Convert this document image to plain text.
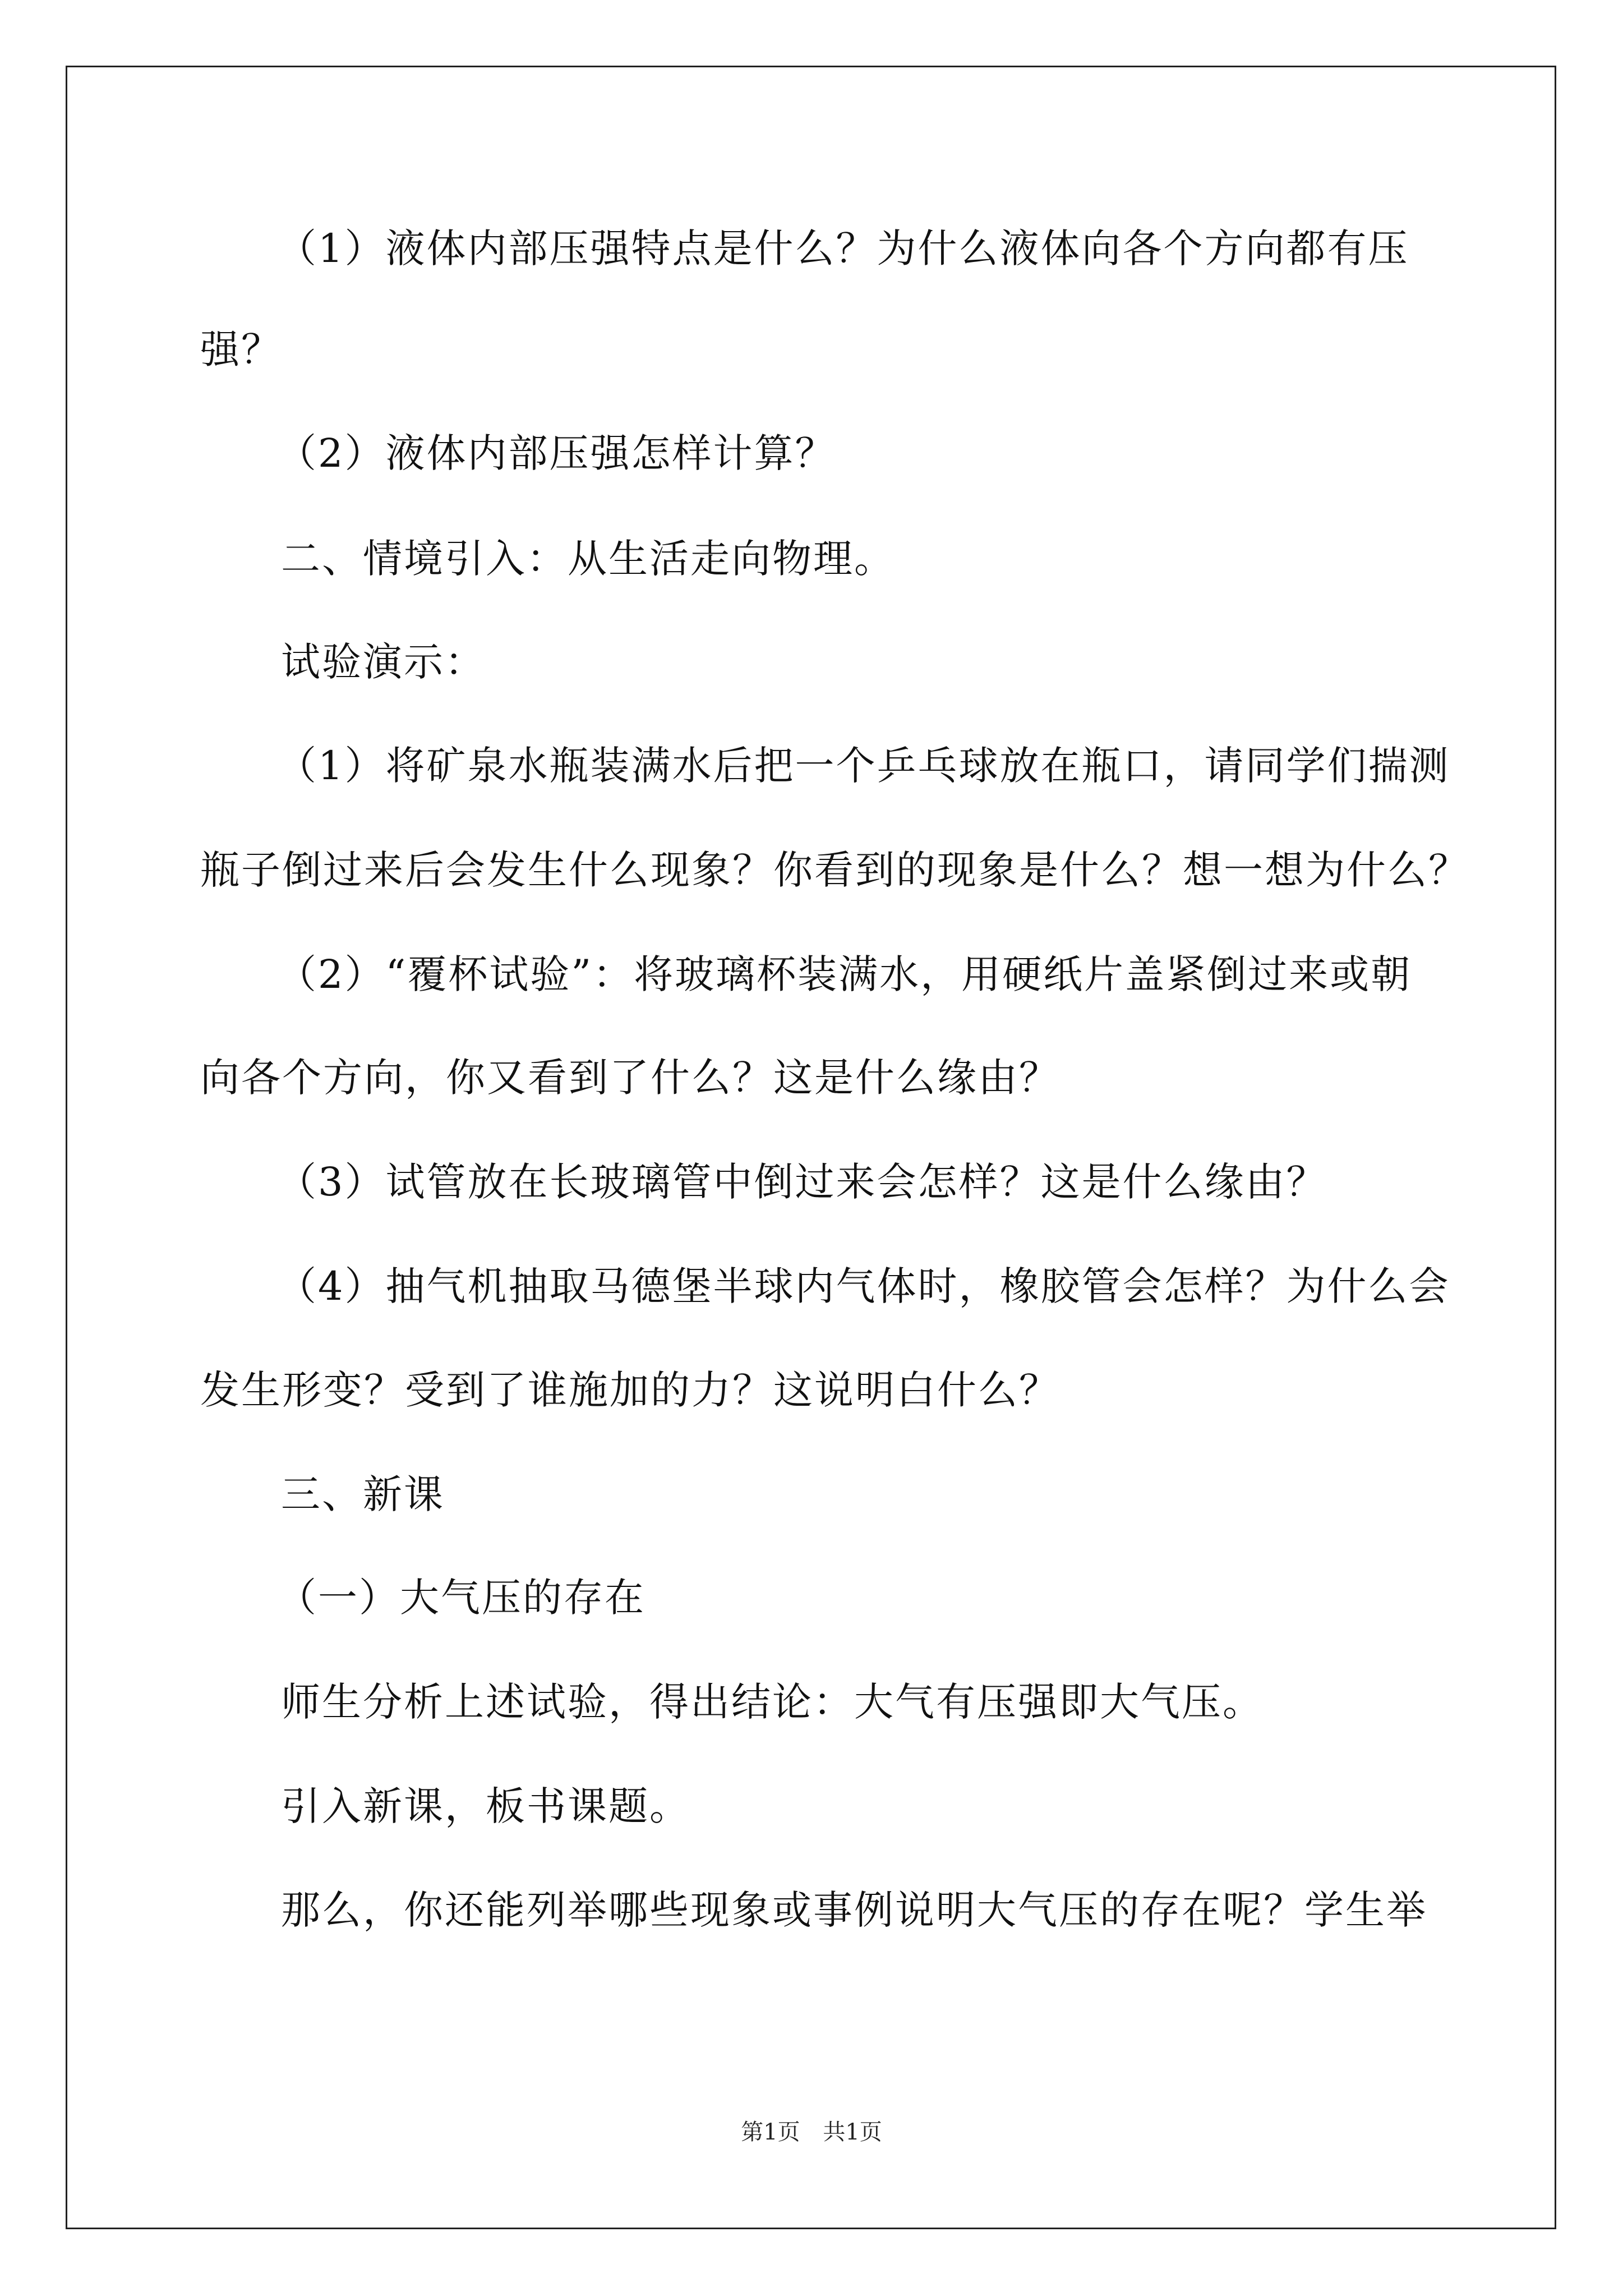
（1）液体内部压强特点是什么？为什么液体向各个方向都有压
强？
（2）液体内部压强怎样计算？
二、情境引入：从生活走向物理。
试验演示：
（1）将矿泉水瓶装满水后把一个乒乓球放在瓶口，请同学们揣测
瓶子倒过来后会发生什么现象？你看到的现象是什么？想一想为什么？
（2）“覆杯试验”：将玻璃杯装满水，用硬纸片盖紧倒过来或朝
向各个方向，你又看到了什么？这是什么缘由？
（3）试管放在长玻璃管中倒过来会怎样？这是什么缘由？
（4）抽气机抽取马德堡半球内气体时，橡胶管会怎样？为什么会
发生形变？受到了谁施加的力？这说明白什么？
三、新课
（一）大气压的存在
师生分析上述试验，得出结论：大气有压强即大气压。
引入新课，板书课题。
那么，你还能列举哪些现象或事例说明大气压的存在呢？学生举
第1页 共1页
